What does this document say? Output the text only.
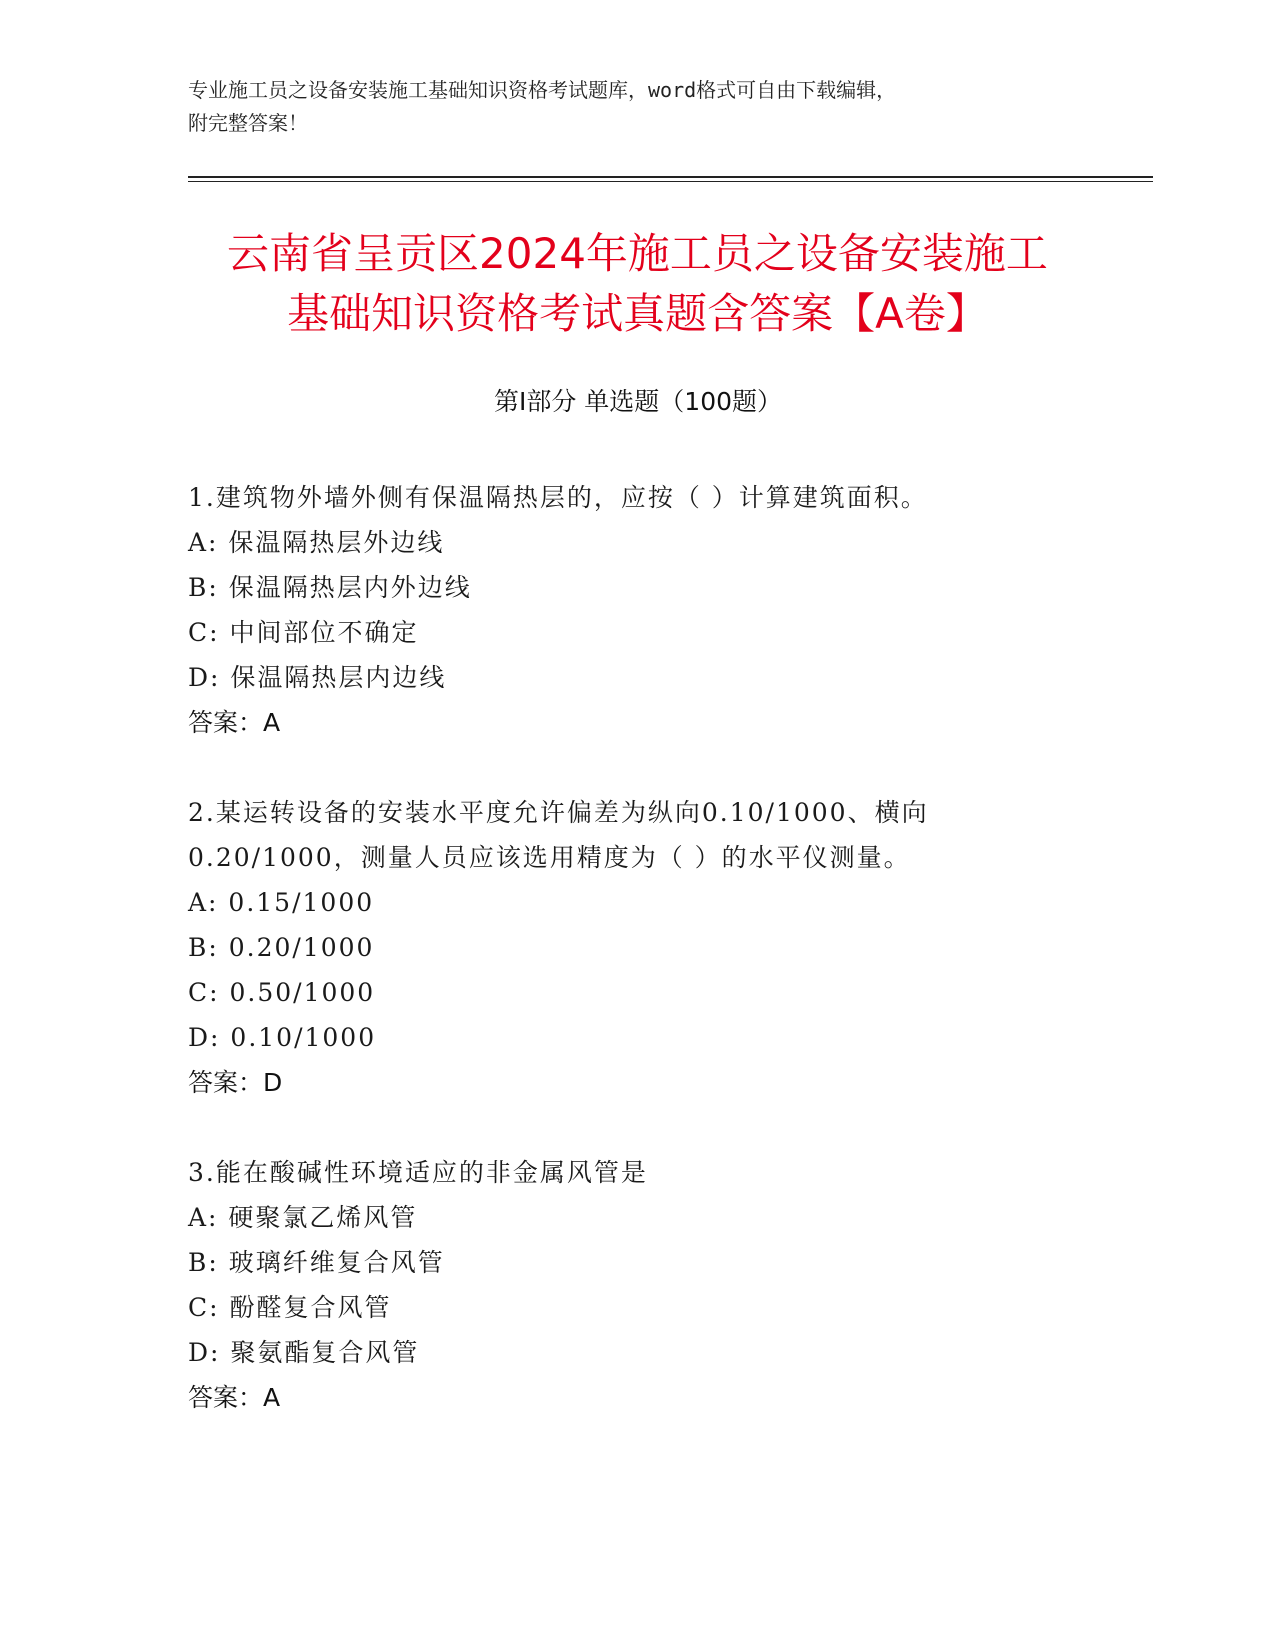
专业施工员之设备安装施工基础知识资格考试题库，word格式可自由下载编辑，
附完整答案！
云南省呈贡区2024年施工员之设备安装施工
基础知识资格考试真题含答案【A卷】
第Ⅰ部分 单选题（100题）
1.建筑物外墙外侧有保温隔热层的，应按（ ）计算建筑面积。
A: 保温隔热层外边线
B: 保温隔热层内外边线
C: 中间部位不确定
D: 保温隔热层内边线
答案：A
2.某运转设备的安装水平度允许偏差为纵向0.10/1000、横向
0.20/1000，测量人员应该选用精度为（ ）的水平仪测量。
A: 0.15/1000
B: 0.20/1000
C: 0.50/1000
D: 0.10/1000
答案：D
3.能在酸碱性环境适应的非金属风管是
A: 硬聚氯乙烯风管
B: 玻璃纤维复合风管
C: 酚醛复合风管
D: 聚氨酯复合风管
答案：A
